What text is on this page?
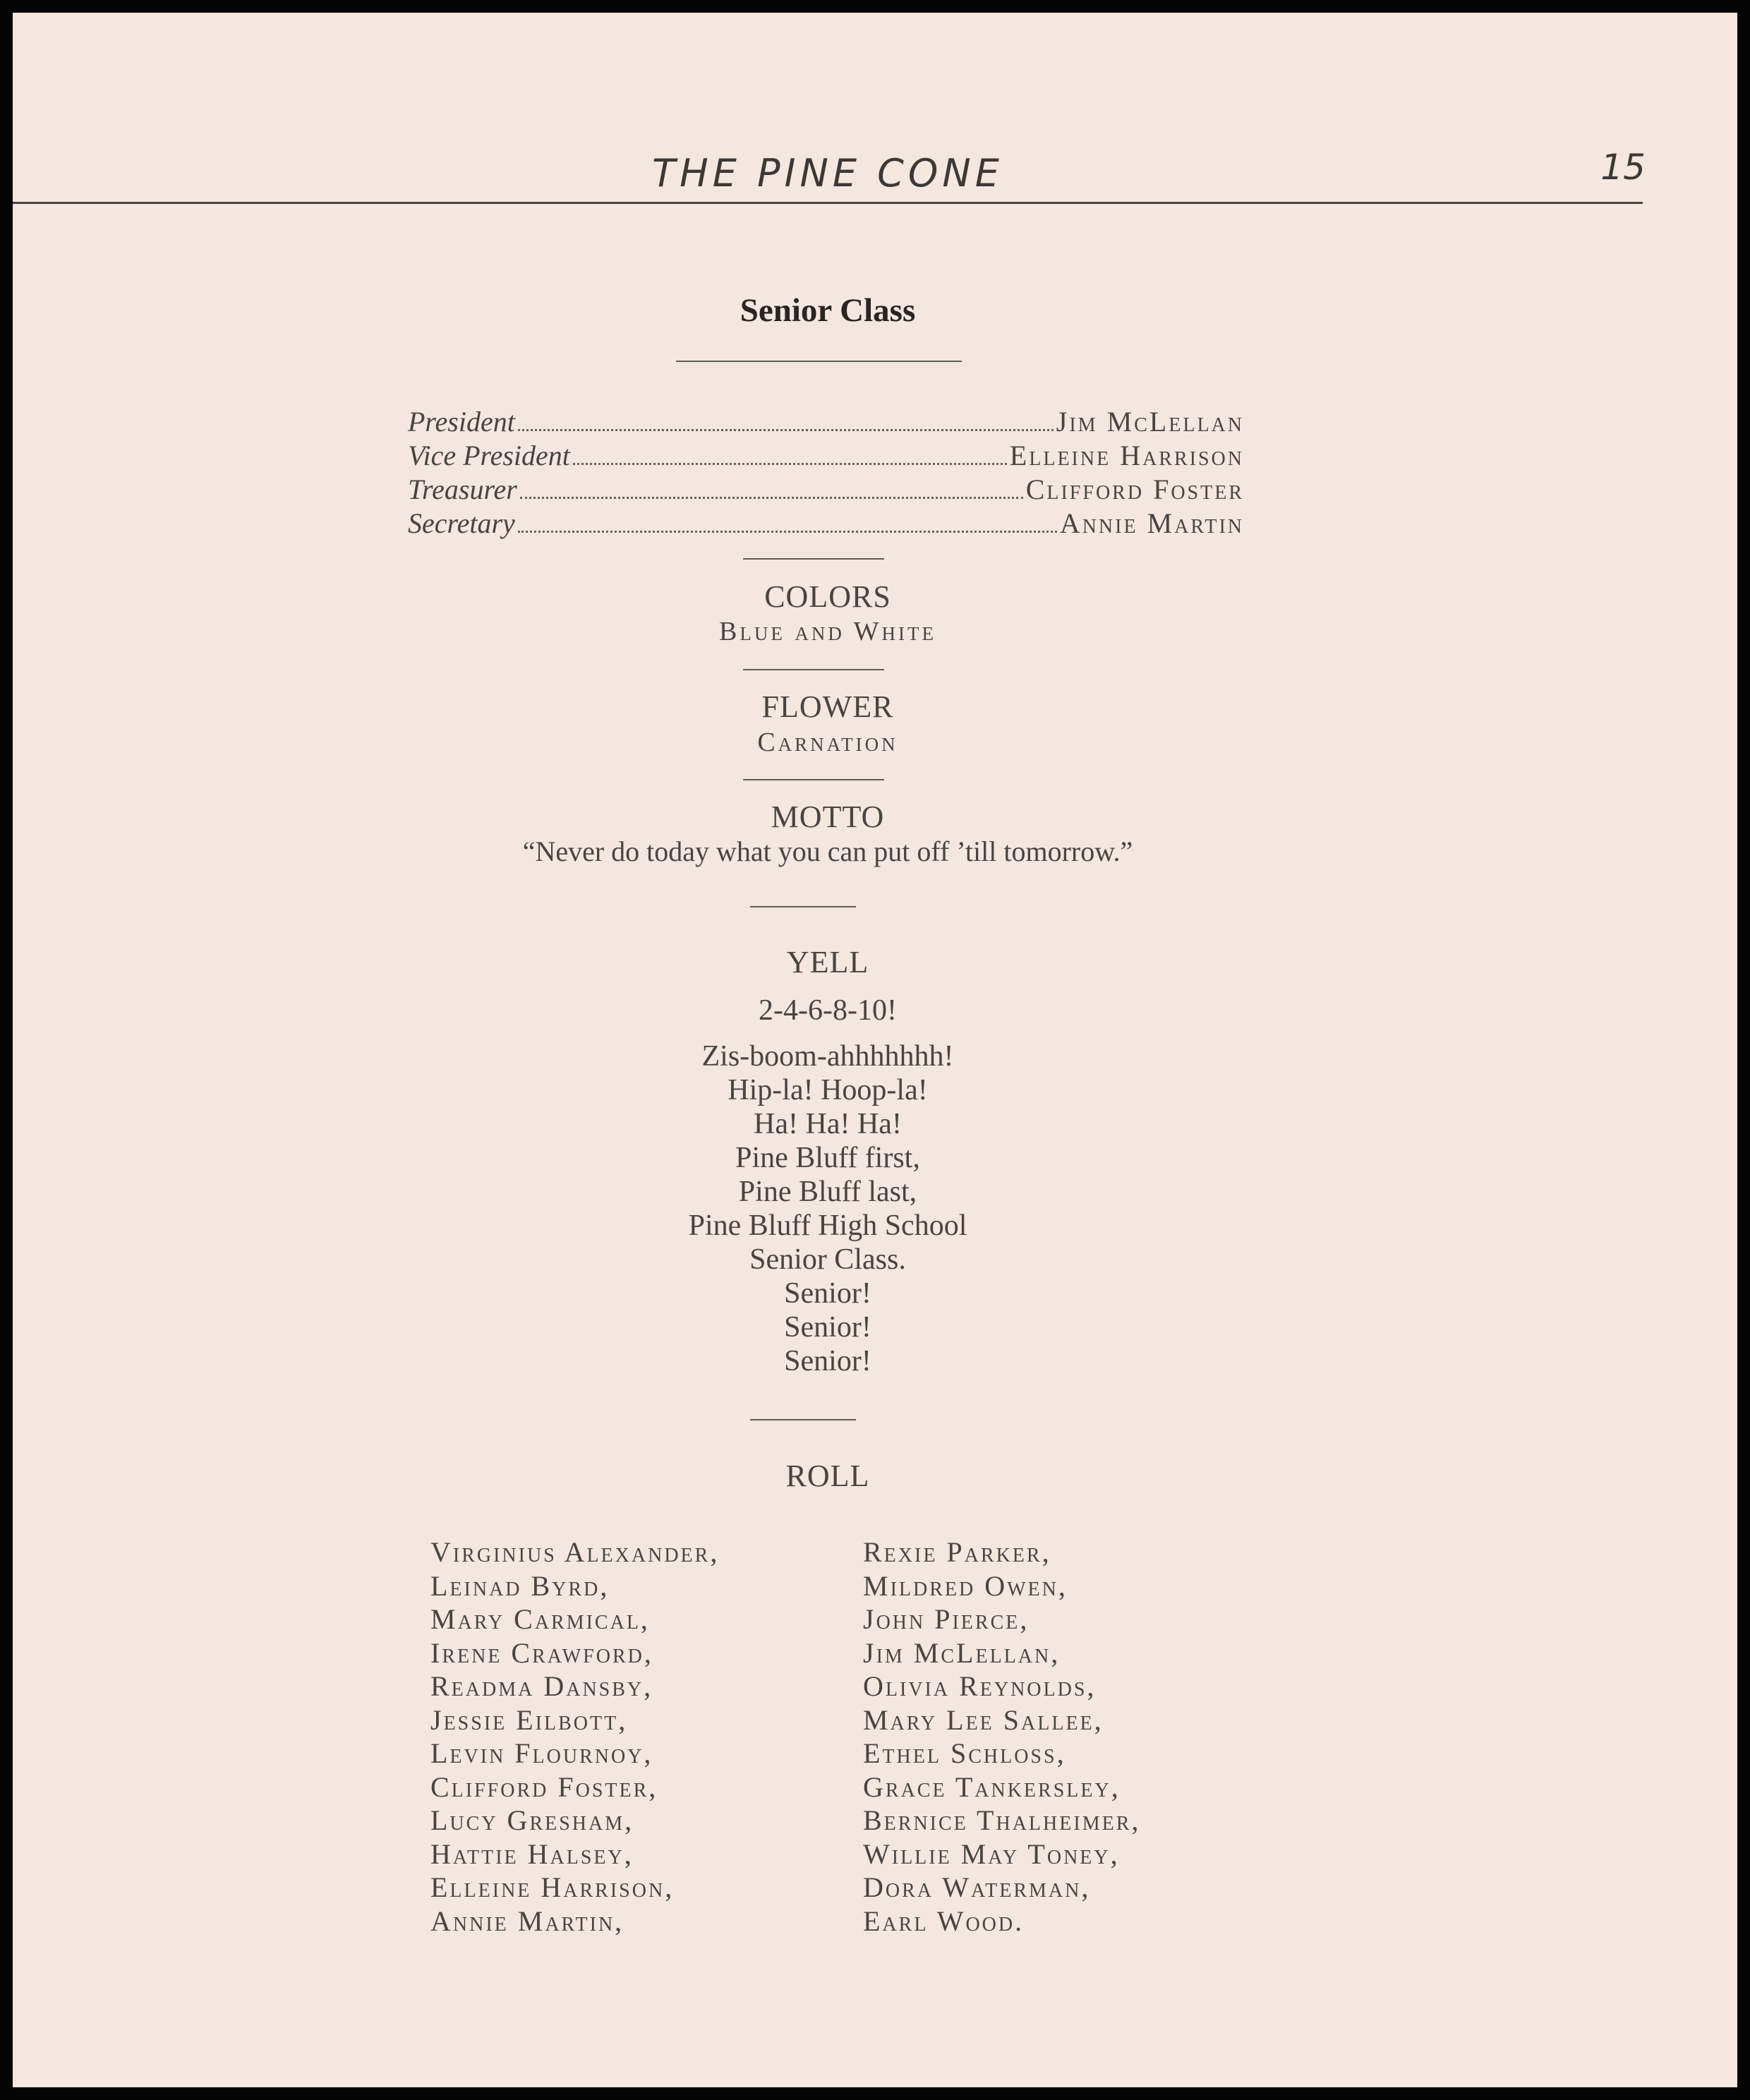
THE PINE CONE	15
Senior Class
President	Jim McLellan
Vice President	Elleine Harrison
Treasurer	Clifford Foster
Secretary	Annie Martin
COLORS
Blue and White
FLOWER
Carnation
MOTTO
“Never do today what you can put off ’till tomorrow.”
YELL
2-4-6-8-10!
Zis-boom-ahhhhhhh!
Hip-la! Hoop-la!
Ha! Ha! Ha!
Pine Bluff first,
Pine Bluff last,
Pine Bluff High School
Senior Class.
Senior!
Senior!
Senior!
ROLL
Virginius Alexander,
Leinad Byrd,
Mary Carmical,
Irene Crawford,
Readma Dansby,
Jessie Eilbott,
Levin Flournoy,
Clifford Foster,
Lucy Gresham,
Hattie Halsey,
Elleine Harrison,
Annie Martin,
Rexie Parker,
Mildred Owen,
John Pierce,
Jim McLellan,
Olivia Reynolds,
Mary Lee Sallee,
Ethel Schloss,
Grace Tankersley,
Bernice Thalheimer,
Willie May Toney,
Dora Waterman,
Earl Wood.
